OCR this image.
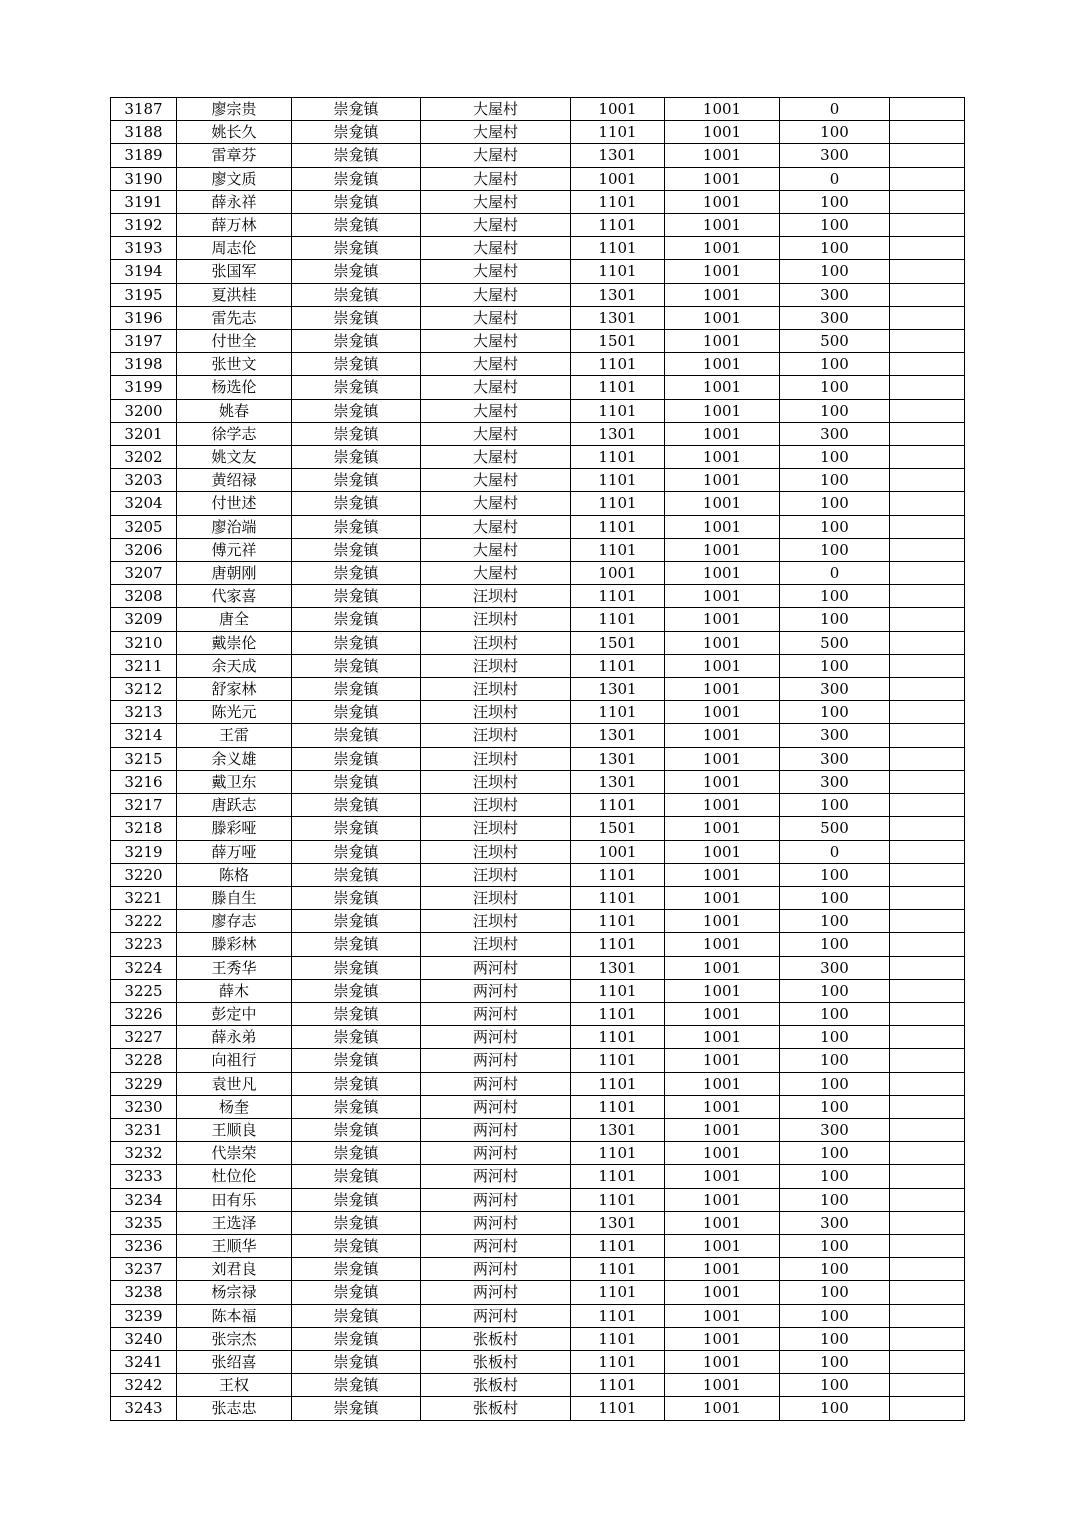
3187	廖宗贵	崇龛镇	大屋村	1001	1001	0	
3188	姚长久	崇龛镇	大屋村	1101	1001	100	
3189	雷章芬	崇龛镇	大屋村	1301	1001	300	
3190	廖文质	崇龛镇	大屋村	1001	1001	0	
3191	薛永祥	崇龛镇	大屋村	1101	1001	100	
3192	薛万林	崇龛镇	大屋村	1101	1001	100	
3193	周志伦	崇龛镇	大屋村	1101	1001	100	
3194	张国军	崇龛镇	大屋村	1101	1001	100	
3195	夏洪桂	崇龛镇	大屋村	1301	1001	300	
3196	雷先志	崇龛镇	大屋村	1301	1001	300	
3197	付世全	崇龛镇	大屋村	1501	1001	500	
3198	张世文	崇龛镇	大屋村	1101	1001	100	
3199	杨选伦	崇龛镇	大屋村	1101	1001	100	
3200	姚春	崇龛镇	大屋村	1101	1001	100	
3201	徐学志	崇龛镇	大屋村	1301	1001	300	
3202	姚文友	崇龛镇	大屋村	1101	1001	100	
3203	黄绍禄	崇龛镇	大屋村	1101	1001	100	
3204	付世述	崇龛镇	大屋村	1101	1001	100	
3205	廖治端	崇龛镇	大屋村	1101	1001	100	
3206	傅元祥	崇龛镇	大屋村	1101	1001	100	
3207	唐朝刚	崇龛镇	大屋村	1001	1001	0	
3208	代家喜	崇龛镇	汪坝村	1101	1001	100	
3209	唐全	崇龛镇	汪坝村	1101	1001	100	
3210	戴崇伦	崇龛镇	汪坝村	1501	1001	500	
3211	余天成	崇龛镇	汪坝村	1101	1001	100	
3212	舒家林	崇龛镇	汪坝村	1301	1001	300	
3213	陈光元	崇龛镇	汪坝村	1101	1001	100	
3214	王雷	崇龛镇	汪坝村	1301	1001	300	
3215	余义雄	崇龛镇	汪坝村	1301	1001	300	
3216	戴卫东	崇龛镇	汪坝村	1301	1001	300	
3217	唐跃志	崇龛镇	汪坝村	1101	1001	100	
3218	滕彩哑	崇龛镇	汪坝村	1501	1001	500	
3219	薛万哑	崇龛镇	汪坝村	1001	1001	0	
3220	陈格	崇龛镇	汪坝村	1101	1001	100	
3221	滕自生	崇龛镇	汪坝村	1101	1001	100	
3222	廖存志	崇龛镇	汪坝村	1101	1001	100	
3223	滕彩林	崇龛镇	汪坝村	1101	1001	100	
3224	王秀华	崇龛镇	两河村	1301	1001	300	
3225	薛木	崇龛镇	两河村	1101	1001	100	
3226	彭定中	崇龛镇	两河村	1101	1001	100	
3227	薛永弟	崇龛镇	两河村	1101	1001	100	
3228	向祖行	崇龛镇	两河村	1101	1001	100	
3229	袁世凡	崇龛镇	两河村	1101	1001	100	
3230	杨奎	崇龛镇	两河村	1101	1001	100	
3231	王顺良	崇龛镇	两河村	1301	1001	300	
3232	代崇荣	崇龛镇	两河村	1101	1001	100	
3233	杜位伦	崇龛镇	两河村	1101	1001	100	
3234	田有乐	崇龛镇	两河村	1101	1001	100	
3235	王选泽	崇龛镇	两河村	1301	1001	300	
3236	王顺华	崇龛镇	两河村	1101	1001	100	
3237	刘君良	崇龛镇	两河村	1101	1001	100	
3238	杨宗禄	崇龛镇	两河村	1101	1001	100	
3239	陈本福	崇龛镇	两河村	1101	1001	100	
3240	张宗杰	崇龛镇	张板村	1101	1001	100	
3241	张绍喜	崇龛镇	张板村	1101	1001	100	
3242	王权	崇龛镇	张板村	1101	1001	100	
3243	张志忠	崇龛镇	张板村	1101	1001	100	
